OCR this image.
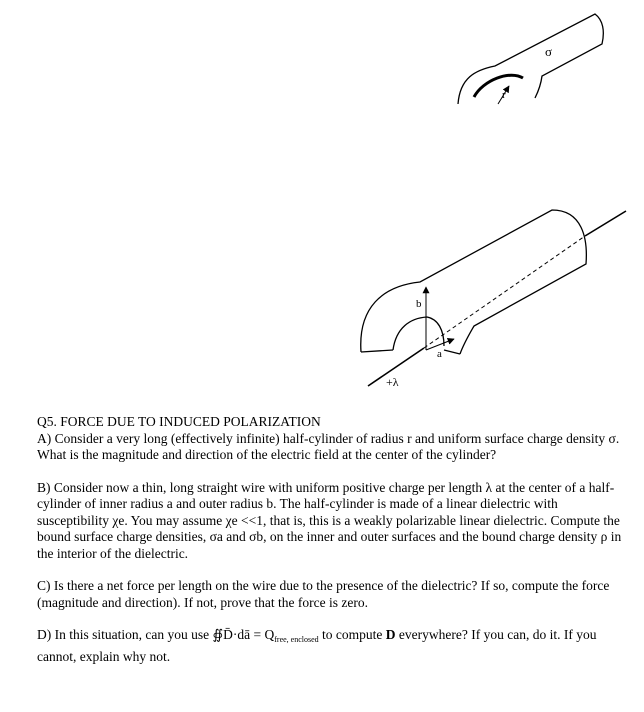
σ
r
b
a
+λ

Q5. FORCE DUE TO INDUCED POLARIZATION

A) Consider a very long (effectively infinite) half-cylinder of radius r and uniform surface charge density σ. What is the magnitude and direction of the electric field at the center of the cylinder?

B) Consider now a thin, long straight wire with uniform positive charge per length λ at the center of a half-cylinder of inner radius a and outer radius b. The half-cylinder is made of a linear dielectric with susceptibility χe. You may assume χe <<1, that is, this is a weakly polarizable linear dielectric. Compute the bound surface charge densities, σa and σb, on the inner and outer surfaces and the bound charge density ρ in the interior of the dielectric.

C) Is there a net force per length on the wire due to the presence of the dielectric? If so, compute the force (magnitude and direction). If not, prove that the force is zero.

D) In this situation, can you use ∯D̄·dā = $Q_{free, enclosed}$ to compute D everywhere? If you can, do it. If you cannot, explain why not.
